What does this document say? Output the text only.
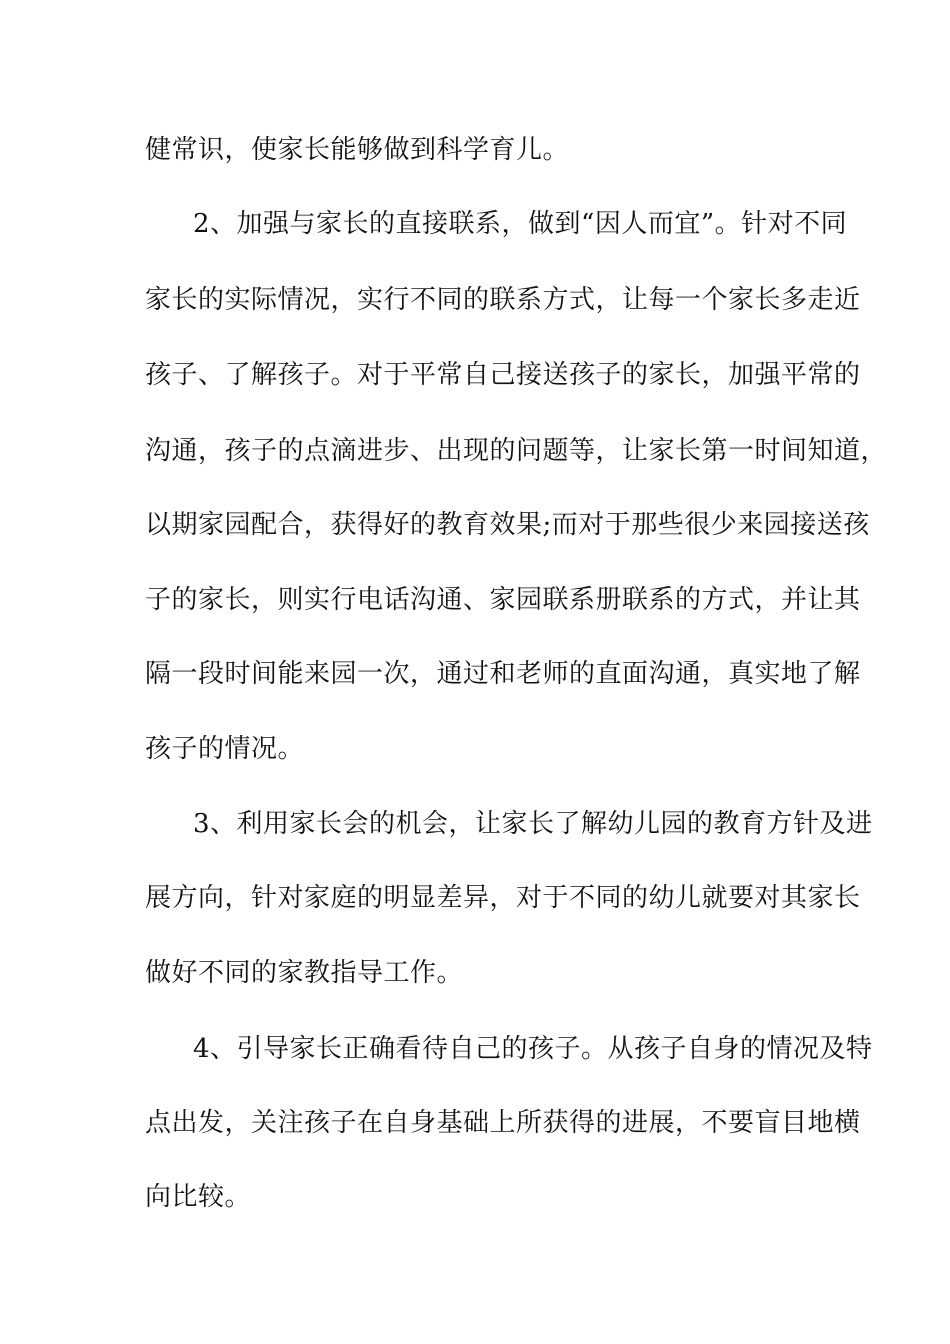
健常识，使家长能够做到科学育儿。
2、加强与家长的直接联系，做到“因人而宜”。针对不同
家长的实际情况，实行不同的联系方式，让每一个家长多走近
孩子、了解孩子。对于平常自己接送孩子的家长，加强平常的
沟通，孩子的点滴进步、出现的问题等，让家长第一时间知道，
以期家园配合，获得好的教育效果;而对于那些很少来园接送孩
子的家长，则实行电话沟通、家园联系册联系的方式，并让其
隔一段时间能来园一次，通过和老师的直面沟通，真实地了解
孩子的情况。
3、利用家长会的机会，让家长了解幼儿园的教育方针及进
展方向，针对家庭的明显差异，对于不同的幼儿就要对其家长
做好不同的家教指导工作。
4、引导家长正确看待自己的孩子。从孩子自身的情况及特
点出发，关注孩子在自身基础上所获得的进展，不要盲目地横
向比较。
